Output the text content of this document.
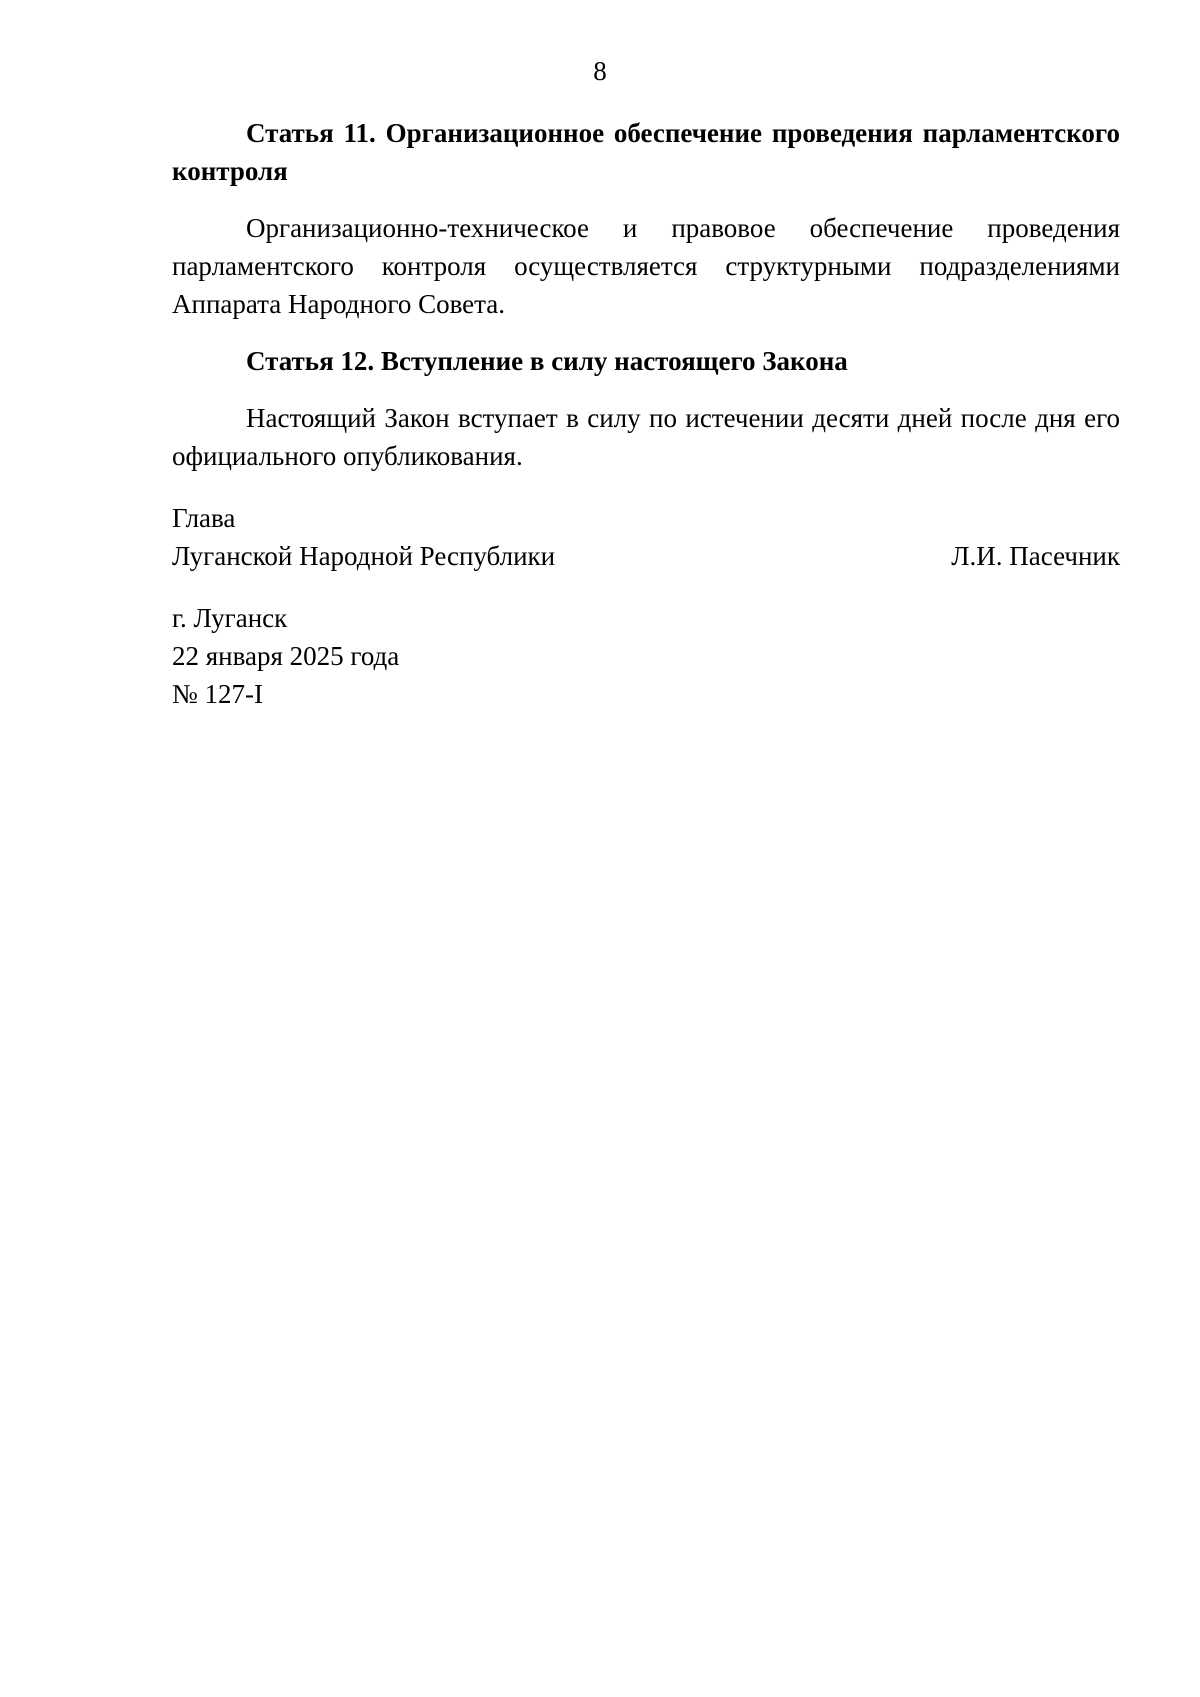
8

Статья 11. Организационное обеспечение проведения парламентского контроля

Организационно-техническое и правовое обеспечение проведения парламентского контроля осуществляется структурными подразделениями Аппарата Народного Совета.

Статья 12. Вступление в силу настоящего Закона

Настоящий Закон вступает в силу по истечении десяти дней после дня его официального опубликования.

Глава

Луганской Народной Республики	Л.И. Пасечник

г. Луганск

22 января 2025 года

№ 127-I
